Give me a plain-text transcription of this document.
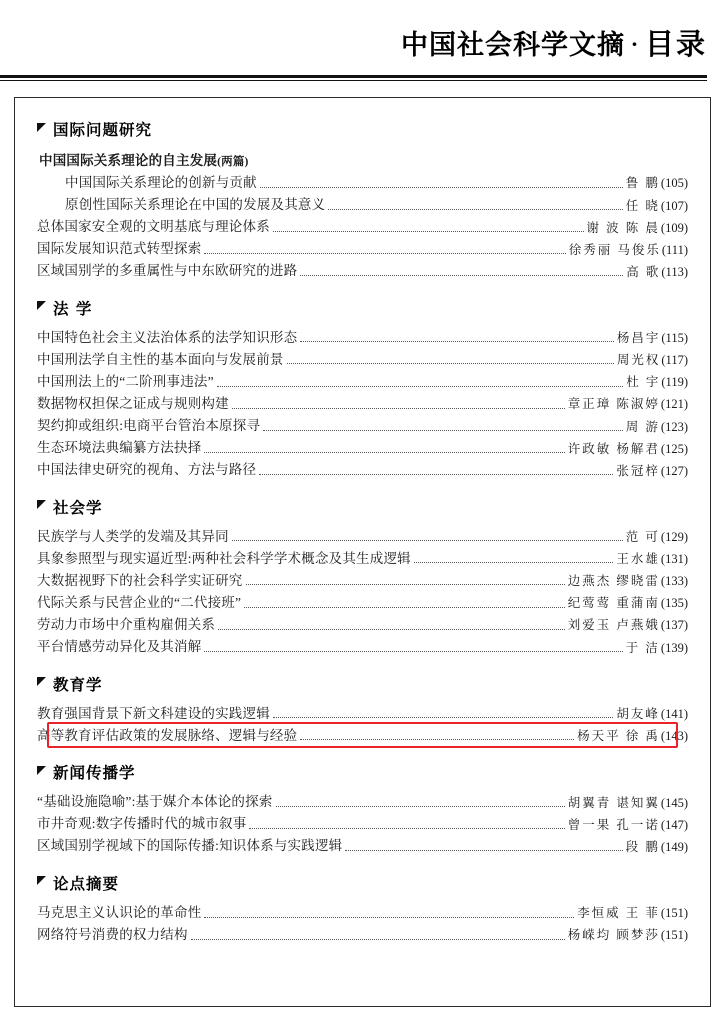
中国社会科学文摘 · 目录
国际问题研究
中国国际关系理论的自主发展(两篇)
中国国际关系理论的创新与贡献	鲁 鹏 (105)
原创性国际关系理论在中国的发展及其意义	任 晓 (107)
总体国家安全观的文明基底与理论体系	谢 波 陈 晨 (109)
国际发展知识范式转型探索	徐秀丽 马俊乐 (111)
区域国别学的多重属性与中东欧研究的进路	高 歌 (113)
法 学
中国特色社会主义法治体系的法学知识形态	杨昌宇 (115)
中国刑法学自主性的基本面向与发展前景	周光权 (117)
中国刑法上的“二阶刑事违法”	杜 宇 (119)
数据物权担保之证成与规则构建	章正璋 陈淑婷 (121)
契约抑或组织:电商平台管治本原探寻	周 游 (123)
生态环境法典编纂方法抉择	许政敏 杨解君 (125)
中国法律史研究的视角、方法与路径	张冠梓 (127)
社会学
民族学与人类学的发端及其异同	范 可 (129)
具象参照型与现实逼近型:两种社会科学学术概念及其生成逻辑	王水雄 (131)
大数据视野下的社会科学实证研究	边燕杰 缪晓雷 (133)
代际关系与民营企业的“二代接班”	纪莺莺 重蒲南 (135)
劳动力市场中介重构雇佣关系	刘爱玉 卢燕娥 (137)
平台情感劳动异化及其消解	于 洁 (139)
教育学
教育强国背景下新文科建设的实践逻辑	胡友峰 (141)
高等教育评估政策的发展脉络、逻辑与经验	杨天平 徐 禹 (143)
新闻传播学
“基础设施隐喻”:基于媒介本体论的探索	胡翼青 谌知翼 (145)
市井奇观:数字传播时代的城市叙事	曾一果 孔一诺 (147)
区域国别学视域下的国际传播:知识体系与实践逻辑	段 鹏 (149)
论点摘要
马克思主义认识论的革命性	李恒威 王 菲 (151)
网络符号消费的权力结构	杨嵘均 顾梦莎 (151)
